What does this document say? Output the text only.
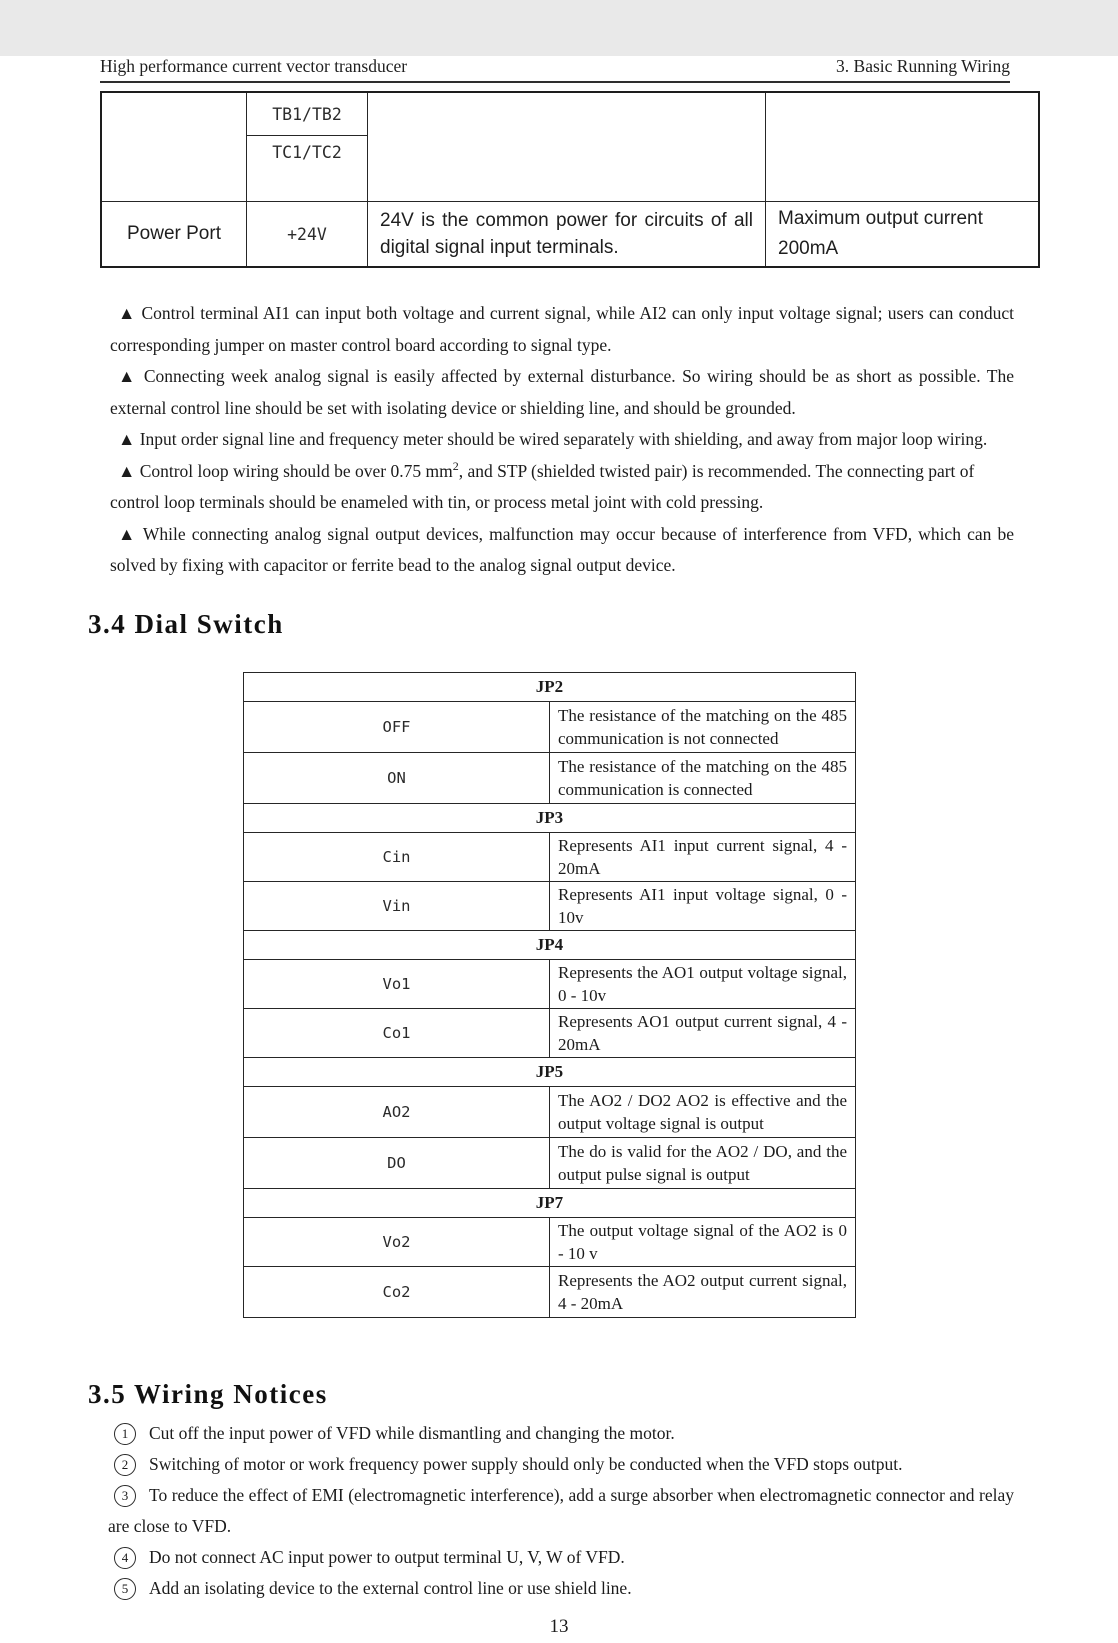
High performance current vector transducer	3. Basic Running Wiring
	TB1/TB2		
	TC1/TC2		
Power Port	+24V	24V is the common power for circuits of all digital signal input terminals.	Maximum output current 200mA

▲ Control terminal AI1 can input both voltage and current signal, while AI2 can only input voltage signal; users can conduct corresponding jumper on master control board according to signal type.

▲ Connecting week analog signal is easily affected by external disturbance. So wiring should be as short as possible. The external control line should be set with isolating device or shielding line, and should be grounded.

▲ Input order signal line and frequency meter should be wired separately with shielding, and away from major loop wiring.

▲ Control loop wiring should be over 0.75 $mm^2$, and STP (shielded twisted pair) is recommended. The connecting part of

control loop terminals should be enameled with tin, or process metal joint with cold pressing.

▲ While connecting analog signal output devices, malfunction may occur because of interference from VFD, which can be solved by fixing with capacitor or ferrite bead to the analog signal output device.

3.4 Dial Switch
JP2	
OFF	The resistance of the matching on the 485 communication is not connected
ON	The resistance of the matching on the 485 communication is connected
JP3	
Cin	Represents AI1 input current signal, 4 - 20mA
Vin	Represents AI1 input voltage signal, 0 - 10v
JP4	
Vo1	Represents the AO1 output voltage signal, 0 - 10v
Co1	Represents AO1 output current signal, 4 - 20mA
JP5	
AO2	The AO2 / DO2 AO2 is effective and the output voltage signal is output
DO	The do is valid for the AO2 / DO, and the output pulse signal is output
JP7	
Vo2	The output voltage signal of the AO2 is 0 - 10 v
Co2	Represents the AO2 output current signal, 4 - 20mA
3.5 Wiring Notices

1 Cut off the input power of VFD while dismantling and changing the motor.

2 Switching of motor or work frequency power supply should only be conducted when the VFD stops output.

3 To reduce the effect of EMI (electromagnetic interference), add a surge absorber when electromagnetic connector and relay are close to VFD.

4 Do not connect AC input power to output terminal U, V, W of VFD.

5 Add an isolating device to the external control line or use shield line.

13
